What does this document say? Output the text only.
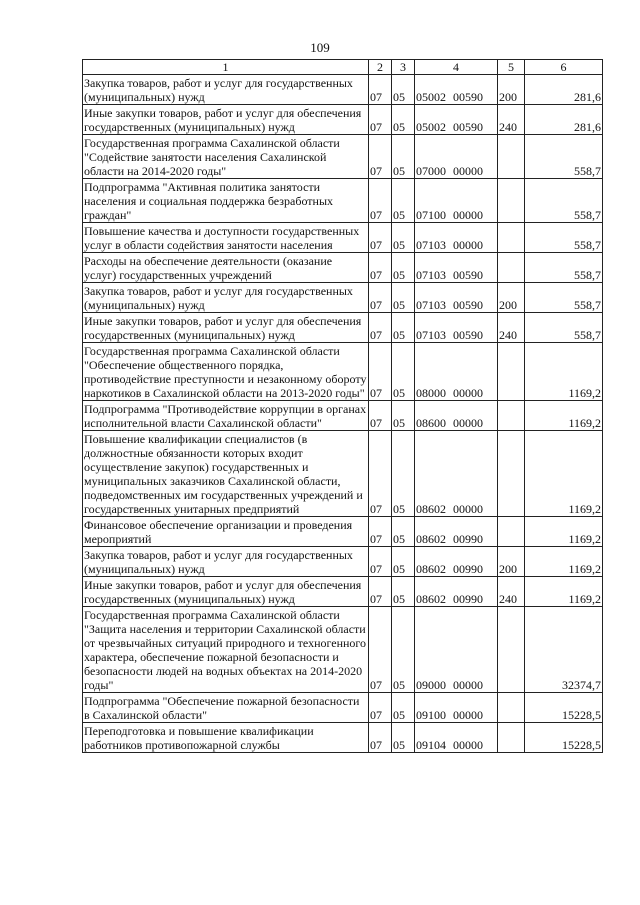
109
1	2	3	4	5	6
Закупка товаров, работ и услуг для государственных (муниципальных) нужд	07	05	05002 00590	200	281,6
Иные закупки товаров, работ и услуг для обеспечения государственных (муниципальных) нужд	07	05	05002 00590	240	281,6
Государственная программа Сахалинской области "Содействие занятости населения Сахалинской области на 2014-2020 годы"	07	05	07000 00000		558,7
Подпрограмма "Активная политика занятости населения и социальная поддержка безработных граждан"	07	05	07100 00000		558,7
Повышение качества и доступности государственных услуг в области содействия занятости населения	07	05	07103 00000		558,7
Расходы на обеспечение деятельности (оказание услуг) государственных учреждений	07	05	07103 00590		558,7
Закупка товаров, работ и услуг для государственных (муниципальных) нужд	07	05	07103 00590	200	558,7
Иные закупки товаров, работ и услуг для обеспечения государственных (муниципальных) нужд	07	05	07103 00590	240	558,7
Государственная программа Сахалинской области "Обеспечение общественного порядка, противодействие преступности и незаконному обороту наркотиков в Сахалинской области на 2013-2020 годы"	07	05	08000 00000		1169,2
Подпрограмма "Противодействие коррупции в органах исполнительной власти Сахалинской области"	07	05	08600 00000		1169,2
Повышение квалификации специалистов (в должностные обязанности которых входит осуществление закупок) государственных и муниципальных заказчиков Сахалинской области, подведомственных им государственных учреждений и государственных унитарных предприятий	07	05	08602 00000		1169,2
Финансовое обеспечение организации и проведения мероприятий	07	05	08602 00990		1169,2
Закупка товаров, работ и услуг для государственных (муниципальных) нужд	07	05	08602 00990	200	1169,2
Иные закупки товаров, работ и услуг для обеспечения государственных (муниципальных) нужд	07	05	08602 00990	240	1169,2
Государственная программа Сахалинской области "Защита населения и территории Сахалинской области от чрезвычайных ситуаций природного и техногенного характера, обеспечение пожарной безопасности и безопасности людей на водных объектах на 2014-2020 годы"	07	05	09000 00000		32374,7
Подпрограмма "Обеспечение пожарной безопасности в Сахалинской области"	07	05	09100 00000		15228,5
Переподготовка и повышение квалификации работников противопожарной службы	07	05	09104 00000		15228,5
